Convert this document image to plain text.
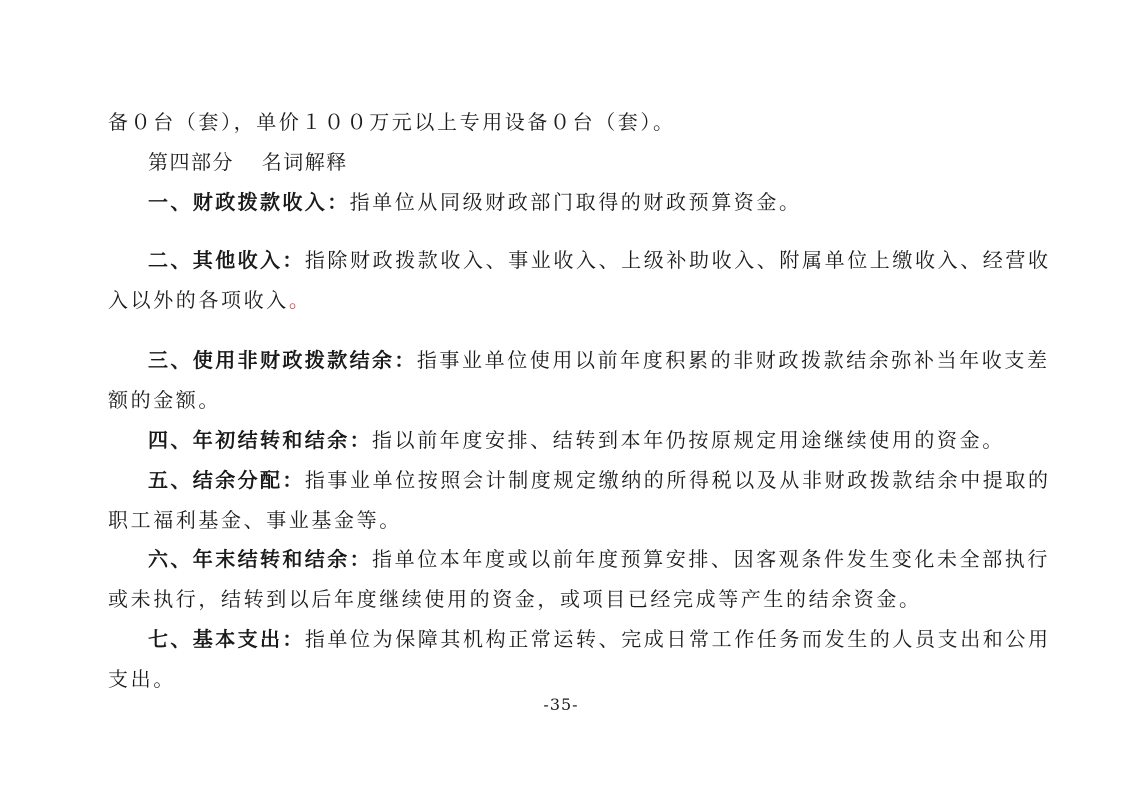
备０台（套），单价１００万元以上专用设备０台（套）。
第四部分 名词解释
一、财政拨款收入：指单位从同级财政部门取得的财政预算资金。
二、其他收入：指除财政拨款收入、事业收入、上级补助收入、附属单位上缴收入、经营收
入以外的各项收入。
三、使用非财政拨款结余：指事业单位使用以前年度积累的非财政拨款结余弥补当年收支差
额的金额。
四、年初结转和结余：指以前年度安排、结转到本年仍按原规定用途继续使用的资金。
五、结余分配：指事业单位按照会计制度规定缴纳的所得税以及从非财政拨款结余中提取的
职工福利基金、事业基金等。
六、年末结转和结余：指单位本年度或以前年度预算安排、因客观条件发生变化未全部执行
或未执行，结转到以后年度继续使用的资金，或项目已经完成等产生的结余资金。
七、基本支出：指单位为保障其机构正常运转、完成日常工作任务而发生的人员支出和公用
支出。
-35-
